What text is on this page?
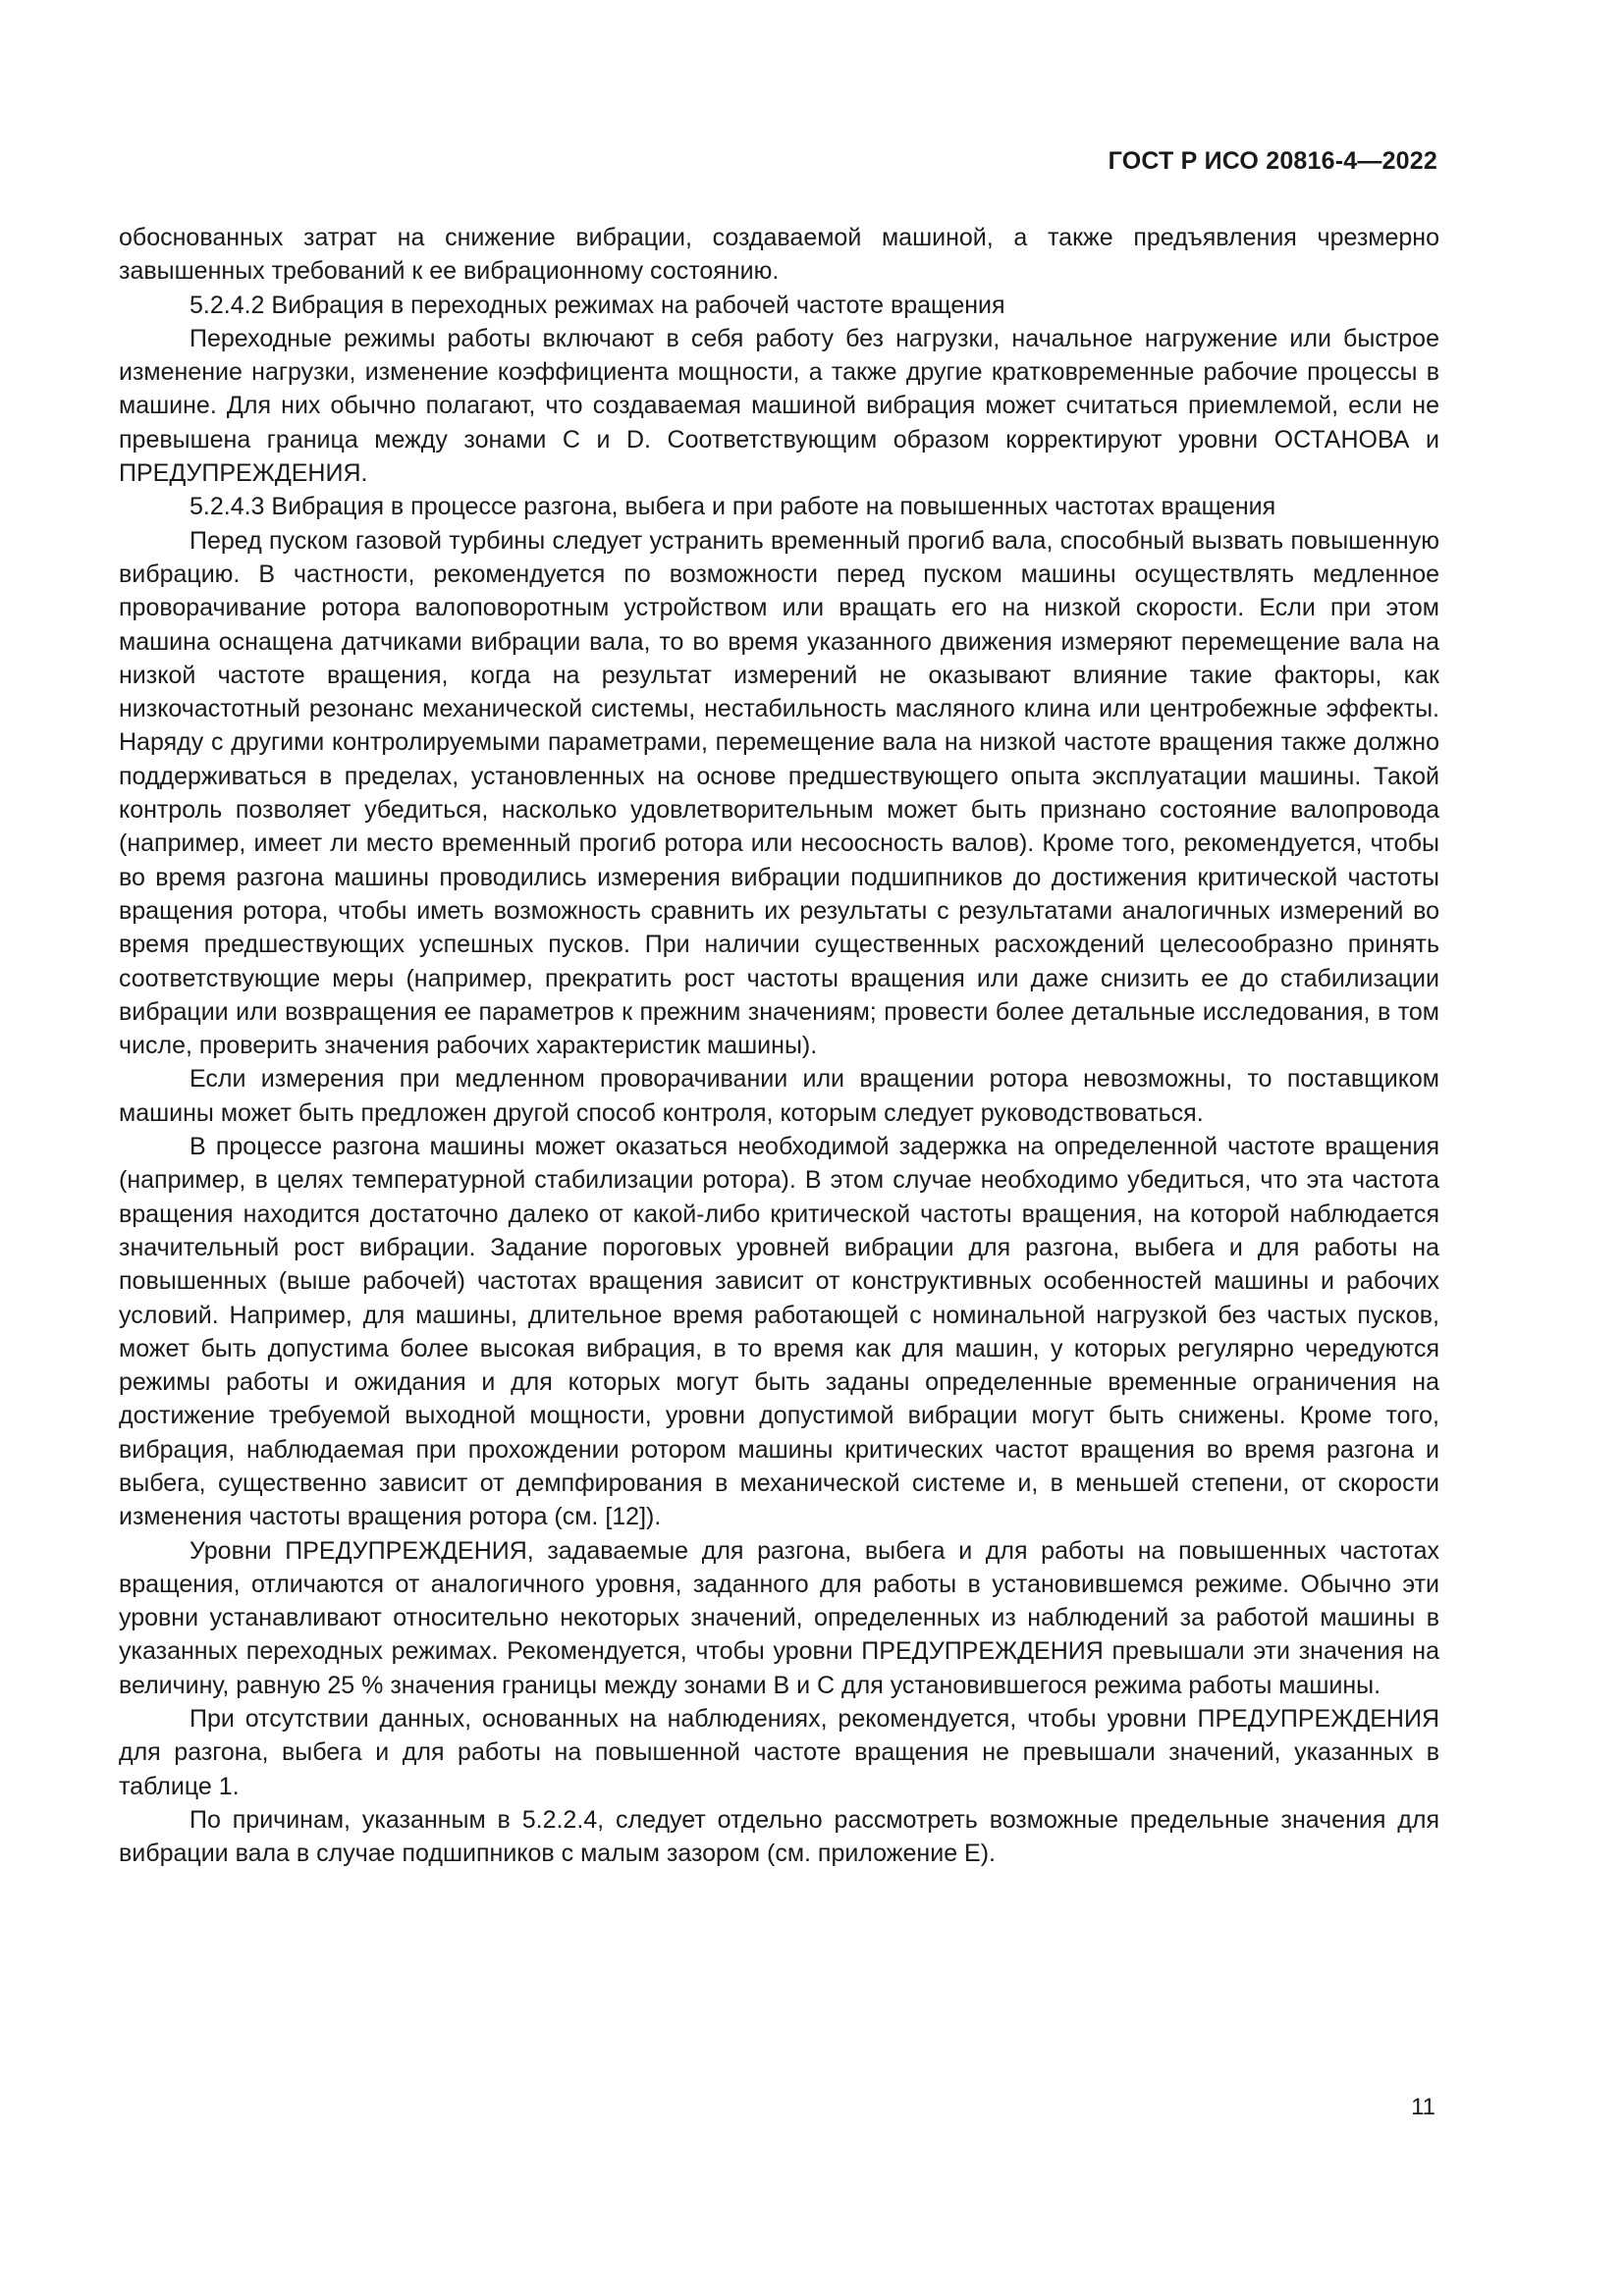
ГОСТ Р ИСО 20816-4—2022

обоснованных затрат на снижение вибрации, создаваемой машиной, а также предъявления чрезмерно завышенных требований к ее вибрационному состоянию.

5.2.4.2 Вибрация в переходных режимах на рабочей частоте вращения

Переходные режимы работы включают в себя работу без нагрузки, начальное нагружение или быстрое изменение нагрузки, изменение коэффициента мощности, а также другие кратковременные рабочие процессы в машине. Для них обычно полагают, что создаваемая машиной вибрация может считаться приемлемой, если не превышена граница между зонами C и D. Соответствующим образом корректируют уровни ОСТАНОВА и ПРЕДУПРЕЖДЕНИЯ.

5.2.4.3 Вибрация в процессе разгона, выбега и при работе на повышенных частотах вращения

Перед пуском газовой турбины следует устранить временный прогиб вала, способный вызвать повышенную вибрацию. В частности, рекомендуется по возможности перед пуском машины осуществлять медленное проворачивание ротора валоповоротным устройством или вращать его на низкой скорости. Если при этом машина оснащена датчиками вибрации вала, то во время указанного движения измеряют перемещение вала на низкой частоте вращения, когда на результат измерений не оказывают влияние такие факторы, как низкочастотный резонанс механической системы, нестабильность масляного клина или центробежные эффекты. Наряду с другими контролируемыми параметрами, перемещение вала на низкой частоте вращения также должно поддерживаться в пределах, установленных на основе предшествующего опыта эксплуатации машины. Такой контроль позволяет убедиться, насколько удовлетворительным может быть признано состояние валопровода (например, имеет ли место временный прогиб ротора или несоосность валов). Кроме того, рекомендуется, чтобы во время разгона машины проводились измерения вибрации подшипников до достижения критической частоты вращения ротора, чтобы иметь возможность сравнить их результаты с результатами аналогичных измерений во время предшествующих успешных пусков. При наличии существенных расхождений целесообразно принять соответствующие меры (например, прекратить рост частоты вращения или даже снизить ее до стабилизации вибрации или возвращения ее параметров к прежним значениям; провести более детальные исследования, в том числе, проверить значения рабочих характеристик машины).

Если измерения при медленном проворачивании или вращении ротора невозможны, то поставщиком машины может быть предложен другой способ контроля, которым следует руководствоваться.

В процессе разгона машины может оказаться необходимой задержка на определенной частоте вращения (например, в целях температурной стабилизации ротора). В этом случае необходимо убедиться, что эта частота вращения находится достаточно далеко от какой-либо критической частоты вращения, на которой наблюдается значительный рост вибрации. Задание пороговых уровней вибрации для разгона, выбега и для работы на повышенных (выше рабочей) частотах вращения зависит от конструктивных особенностей машины и рабочих условий. Например, для машины, длительное время работающей с номинальной нагрузкой без частых пусков, может быть допустима более высокая вибрация, в то время как для машин, у которых регулярно чередуются режимы работы и ожидания и для которых могут быть заданы определенные временные ограничения на достижение требуемой выходной мощности, уровни допустимой вибрации могут быть снижены. Кроме того, вибрация, наблюдаемая при прохождении ротором машины критических частот вращения во время разгона и выбега, существенно зависит от демпфирования в механической системе и, в меньшей степени, от скорости изменения частоты вращения ротора (см. [12]).

Уровни ПРЕДУПРЕЖДЕНИЯ, задаваемые для разгона, выбега и для работы на повышенных частотах вращения, отличаются от аналогичного уровня, заданного для работы в установившемся режиме. Обычно эти уровни устанавливают относительно некоторых значений, определенных из наблюдений за работой машины в указанных переходных режимах. Рекомендуется, чтобы уровни ПРЕДУПРЕЖДЕНИЯ превышали эти значения на величину, равную 25 % значения границы между зонами B и C для установившегося режима работы машины.

При отсутствии данных, основанных на наблюдениях, рекомендуется, чтобы уровни ПРЕДУПРЕЖДЕНИЯ для разгона, выбега и для работы на повышенной частоте вращения не превышали значений, указанных в таблице 1.

По причинам, указанным в 5.2.2.4, следует отдельно рассмотреть возможные предельные значения для вибрации вала в случае подшипников с малым зазором (см. приложение E).

11
